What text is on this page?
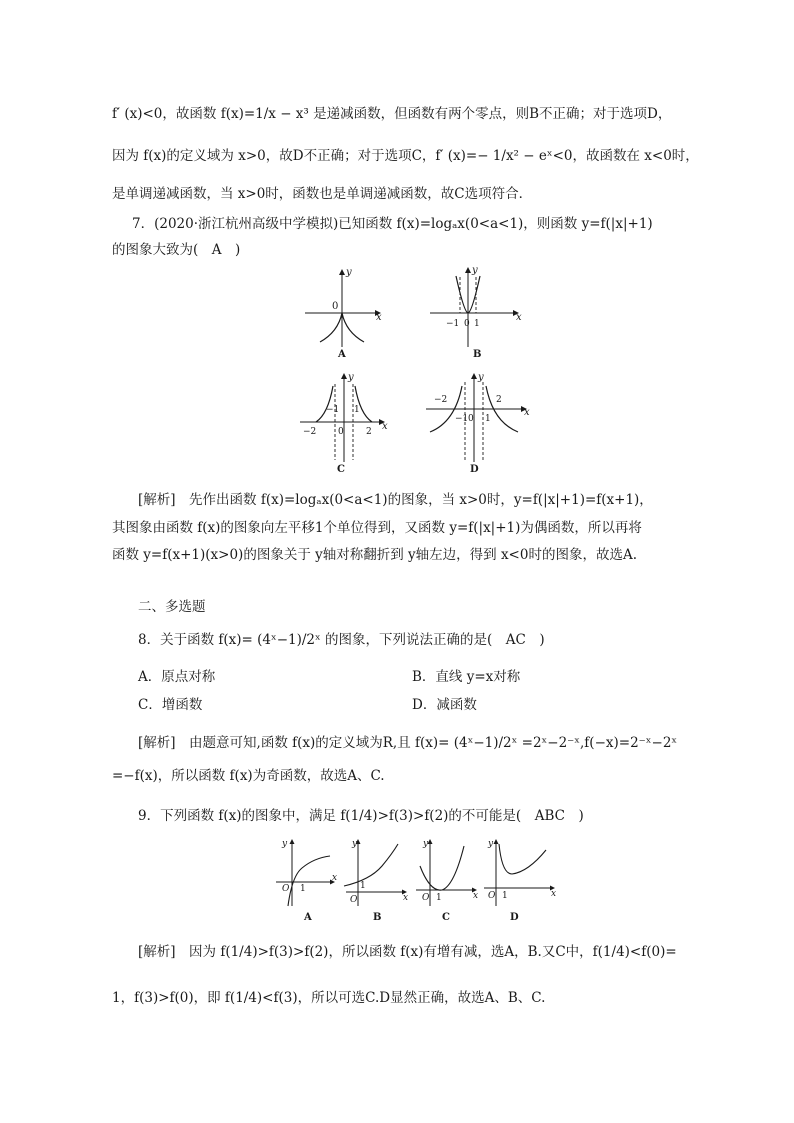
f′ (x)<0，故函数 f(x)=1/x − x³ 是递减函数，但函数有两个零点，则B不正确；对于选项D，
因为 f(x)的定义域为 x>0，故D不正确；对于选项C，f′ (x)=− 1/x² − eˣ<0，故函数在 x<0时，
是单调递减函数，当 x>0时，函数也是单调递减函数，故C选项符合．
7．(2020·浙江杭州高级中学模拟)已知函数 f(x)=logₐx(0<a<1)，则函数 y=f(|x|+1)
的图象大致为(　A　)
y
x
0
A
y
x
−1 0 1
B
y
x
−2
−1
0
1
2
C
y
x
−2
−1 0 1
2
D
[解析]　先作出函数 f(x)=logₐx(0<a<1)的图象，当 x>0时，y=f(|x|+1)=f(x+1)，
其图象由函数 f(x)的图象向左平移1个单位得到，又函数 y=f(|x|+1)为偶函数，所以再将
函数 y=f(x+1)(x>0)的图象关于 y轴对称翻折到 y轴左边，得到 x<0时的图象，故选A.
二、多选题
8．关于函数 f(x)= (4ˣ−1)/2ˣ 的图象，下列说法正确的是(　AC　)
A．原点对称	B．直线 y=x对称
C．增函数	D．减函数
[解析]　由题意可知,函数 f(x)的定义域为R,且 f(x)= (4ˣ−1)/2ˣ =2ˣ−2⁻ˣ,f(−x)=2⁻ˣ−2ˣ
=−f(x)，所以函数 f(x)为奇函数，故选A、C.
9．下列函数 f(x)的图象中，满足 f(1/4)>f(3)>f(2)的不可能是(　ABC　)
y
x
O 1
A
y
x
O
1
B
y
x
O 1
C
y
x
O 1
D
[解析]　因为 f(1/4)>f(3)>f(2)，所以函数 f(x)有增有减，选A，B.又C中，f(1/4)<f(0)=
1，f(3)>f(0)，即 f(1/4)<f(3)，所以可选C.D显然正确，故选A、B、C.
